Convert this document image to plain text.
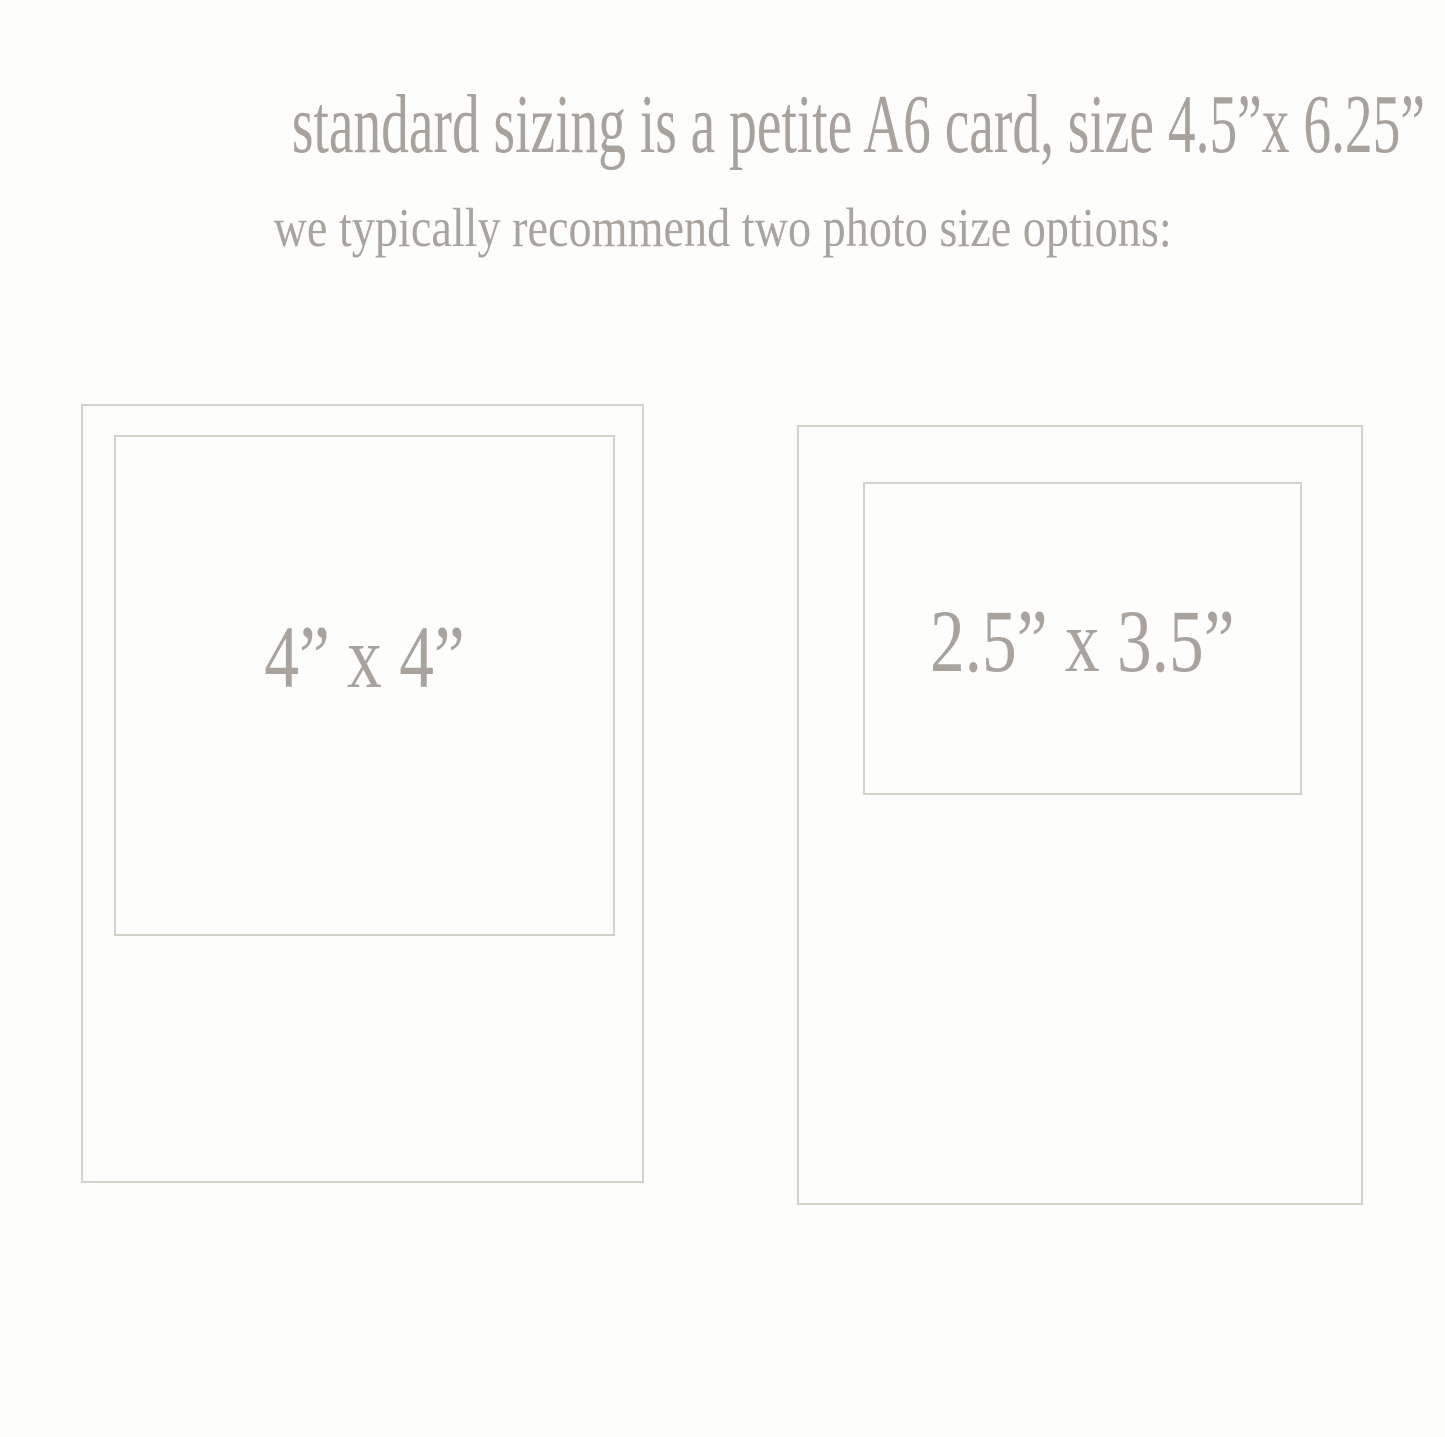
standard sizing is a petite A6 card, size 4.5”x 6.25”
we typically recommend two photo size options:
4” x 4”	2.5” x 3.5”
